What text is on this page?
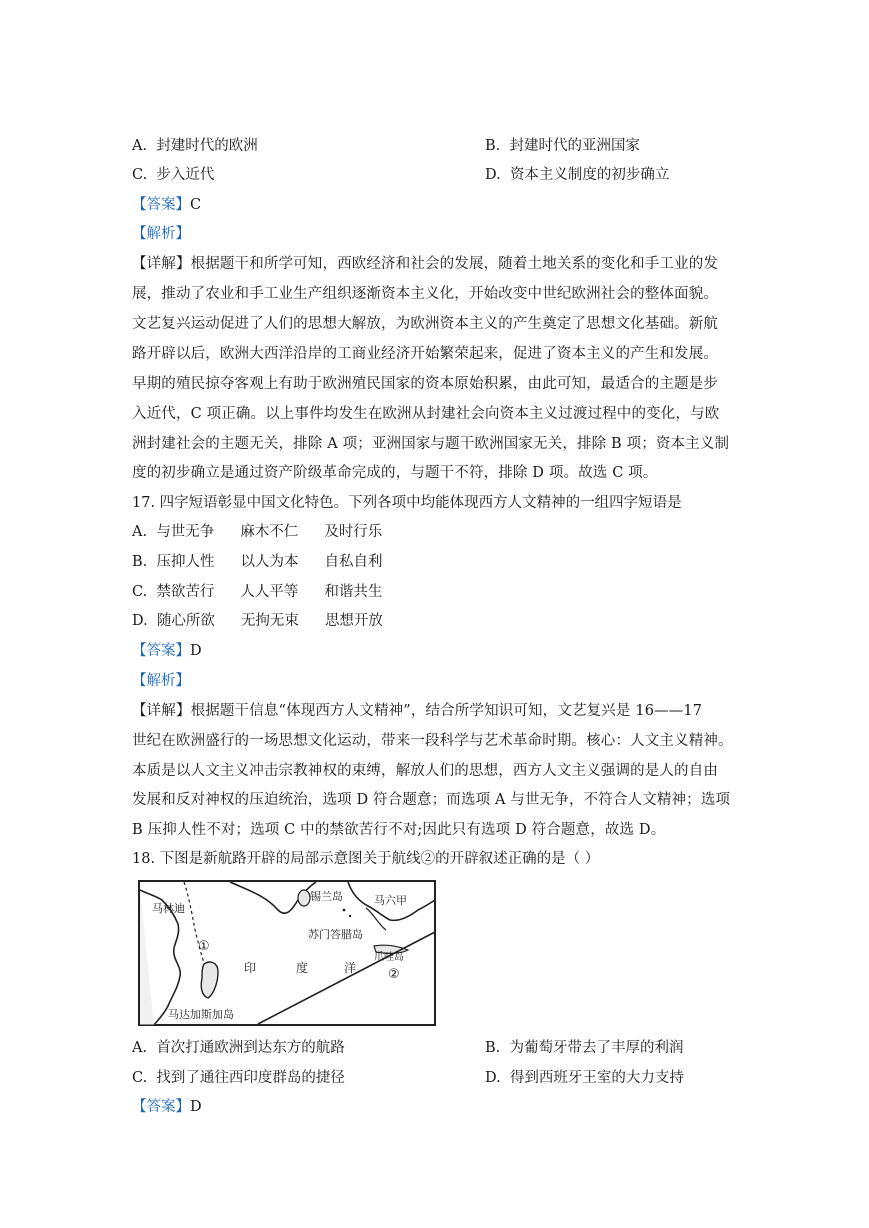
A. 封建时代的欧洲	B. 封建时代的亚洲国家
C. 步入近代	D. 资本主义制度的初步确立
【答案】C
【解析】
【详解】根据题干和所学可知，西欧经济和社会的发展，随着土地关系的变化和手工业的发
展，推动了农业和手工业生产组织逐渐资本主义化，开始改变中世纪欧洲社会的整体面貌。
文艺复兴运动促进了人们的思想大解放，为欧洲资本主义的产生奠定了思想文化基础。新航
路开辟以后，欧洲大西洋沿岸的工商业经济开始繁荣起来，促进了资本主义的产生和发展。
早期的殖民掠夺客观上有助于欧洲殖民国家的资本原始积累，由此可知，最适合的主题是步
入近代，C 项正确。以上事件均发生在欧洲从封建社会向资本主义过渡过程中的变化，与欧
洲封建社会的主题无关，排除 A 项；亚洲国家与题干欧洲国家无关，排除 B 项；资本主义制
度的初步确立是通过资产阶级革命完成的，与题干不符，排除 D 项。故选 C 项。
17. 四字短语彰显中国文化特色。下列各项中均能体现西方人文精神的一组四字短语是
A. 与世无争 麻木不仁 及时行乐
B. 压抑人性 以人为本 自私自利
C. 禁欲苦行 人人平等 和谐共生
D. 随心所欲 无拘无束 思想开放
【答案】D
【解析】
【详解】根据题干信息“体现西方人文精神”，结合所学知识可知，文艺复兴是 16——17
世纪在欧洲盛行的一场思想文化运动，带来一段科学与艺术革命时期。核心：人文主义精神。
本质是以人文主义冲击宗教神权的束缚，解放人们的思想，西方人文主义强调的是人的自由
发展和反对神权的压迫统治，选项 D 符合题意；而选项 A 与世无争，不符合人文精神；选项
B 压抑人性不对；选项 C 中的禁欲苦行不对;因此只有选项 D 符合题意，故选 D。
18. 下图是新航路开辟的局部示意图关于航线②的开辟叙述正确的是（ ）
马林迪
锡兰岛	马六甲
苏门答腊岛
爪哇岛
印	度	洋
①
②
马达加斯加岛
A. 首次打通欧洲到达东方的航路	B. 为葡萄牙带去了丰厚的利润
C. 找到了通往西印度群岛的捷径	D. 得到西班牙王室的大力支持
【答案】D
